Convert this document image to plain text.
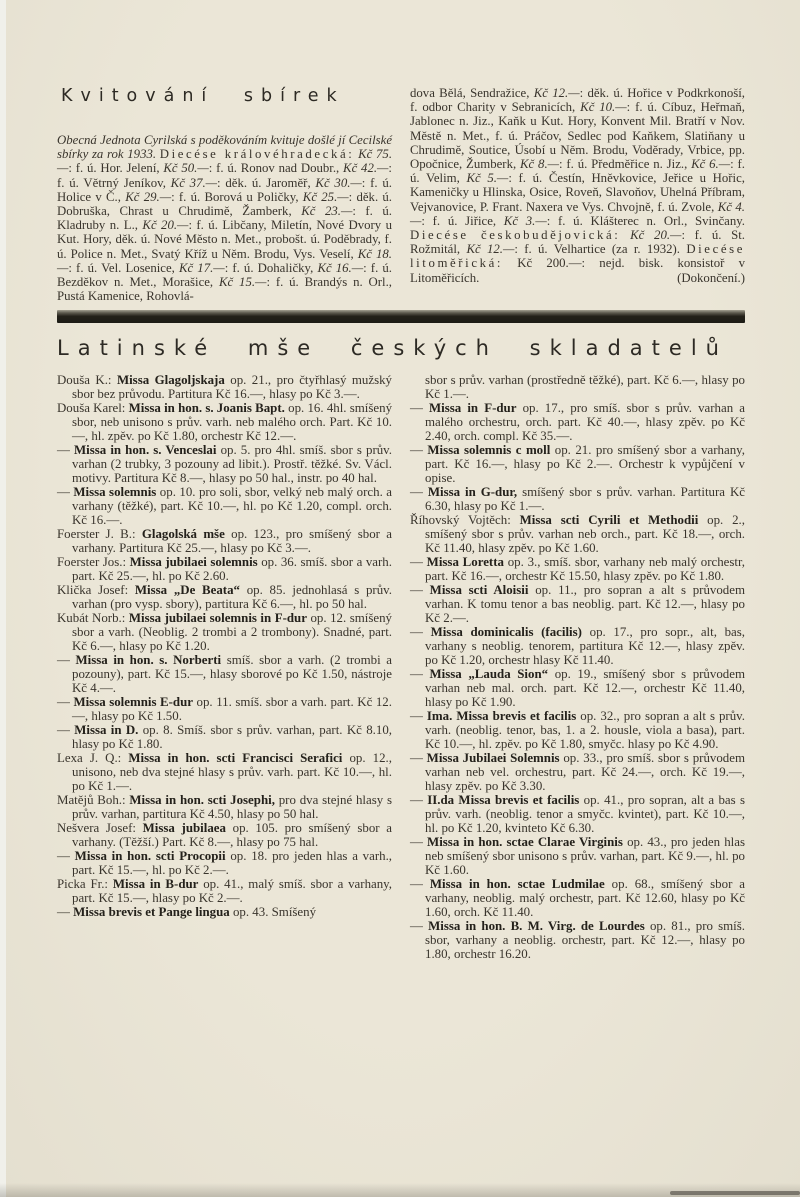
Kvitování sbírek
Obecná Jednota Cyrilská s poděkováním kvituje došlé jí Cecilské sbírky za rok 1933. Diecése královéhradecká: Kč 75.—: f. ú. Hor. Jelení, Kč 50.—: f. ú. Ronov nad Doubr., Kč 42.—: f. ú. Větrný Jeníkov, Kč 37.—: děk. ú. Jaroměř, Kč 30.—: f. ú. Holice v Č., Kč 29.—: f. ú. Borová u Poličky, Kč 25.—: děk. ú. Dobruška, Chrast u Chrudimě, Žamberk, Kč 23.—: f. ú. Kladruby n. L., Kč 20.—: f. ú. Libčany, Miletín, Nové Dvory u Kut. Hory, děk. ú. Nové Město n. Met., probošt. ú. Poděbrady, f. ú. Police n. Met., Svatý Kříž u Něm. Brodu, Vys. Veselí, Kč 18.—: f. ú. Vel. Losenice, Kč 17.—: f. ú. Dohaličky, Kč 16.—: f. ú. Bezděkov n. Met., Morašice, Kč 15.—: f. ú. Brandýs n. Orl., Pustá Kamenice, Rohovlá-
dova Bělá, Sendražice, Kč 12.—: děk. ú. Hořice v Podkrkonoší, f. odbor Charity v Sebranicích, Kč 10.—: f. ú. Cíbuz, Heřmaň, Jablonec n. Jiz., Kaňk u Kut. Hory, Konvent Mil. Bratří v Nov. Městě n. Met., f. ú. Práčov, Sedlec pod Kaňkem, Slatiňany u Chrudimě, Soutice, Úsobí u Něm. Brodu, Voděrady, Vrbice, pp. Opočnice, Žumberk, Kč 8.—: f. ú. Předměřice n. Jiz., Kč 6.—: f. ú. Velim, Kč 5.—: f. ú. Čestín, Hněvkovice, Jeřice u Hořic, Kameničky u Hlinska, Osice, Roveň, Slavoňov, Uhelná Příbram, Vejvanovice, P. Frant. Naxera ve Vys. Chvojně, f. ú. Zvole, Kč 4.—: f. ú. Jiřice, Kč 3.—: f. ú. Klášterec n. Orl., Svinčany. Diecése českobudějovická: Kč 20.—: f. ú. St. Rožmitál, Kč 12.—: f. ú. Velhartice (za r. 1932). Diecése litoměřická: Kč 200.—: nejd. bisk. konsistoř v Litoměřicích.	(Dokončení.)
Latinské mše českých skladatelů

Douša K.: Missa Glagoljskaja op. 21., pro čtyřhlasý mužský sbor bez průvodu. Partitura Kč 16.—, hlasy po Kč 3.—.

Douša Karel: Missa in hon. s. Joanis Bapt. op. 16. 4hl. smíšený sbor, neb unisono s prův. varh. neb malého orch. Part. Kč 10.—, hl. zpěv. po Kč 1.80, orchestr Kč 12.—.

— Missa in hon. s. Venceslai op. 5. pro 4hl. smíš. sbor s prův. varhan (2 trubky, 3 pozouny ad libit.). Prostř. těžké. Sv. Václ. motivy. Partitura Kč 8.—, hlasy po 50 hal., instr. po 40 hal.

— Missa solemnis op. 10. pro soli, sbor, velký neb malý orch. a varhany (těžké), part. Kč 10.—, hl. po Kč 1.20, compl. orch. Kč 16.—.

Foerster J. B.: Glagolská mše op. 123., pro smíšený sbor a varhany. Partitura Kč 25.—, hlasy po Kč 3.—.

Foerster Jos.: Missa jubilaei solemnis op. 36. smíš. sbor a varh. part. Kč 25.—, hl. po Kč 2.60.

Klička Josef: Missa „De Beata“ op. 85. jednohlasá s prův. varhan (pro vysp. sbory), partitura Kč 6.—, hl. po 50 hal.

Kubát Norb.: Missa jubilaei solemnis in F-dur op. 12. smíšený sbor a varh. (Neoblig. 2 trombi a 2 trombony). Snadné, part. Kč 6.—, hlasy po Kč 1.20.

— Missa in hon. s. Norberti smíš. sbor a varh. (2 trombi a pozouny), part. Kč 15.—, hlasy sborové po Kč 1.50, nástroje Kč 4.—.

— Missa solemnis E-dur op. 11. smíš. sbor a varh. part. Kč 12.—, hlasy po Kč 1.50.

— Missa in D. op. 8. Smíš. sbor s prův. varhan, part. Kč 8.10, hlasy po Kč 1.80.

Lexa J. Q.: Missa in hon. scti Francisci Serafici op. 12., unisono, neb dva stejné hlasy s prův. varh. part. Kč 10.—, hl. po Kč 1.—.

Matějů Boh.: Missa in hon. scti Josephi, pro dva stejné hlasy s prův. varhan, partitura Kč 4.50, hlasy po 50 hal.

Nešvera Josef: Missa jubilaea op. 105. pro smíšený sbor a varhany. (Těžší.) Part. Kč 8.—, hlasy po 75 hal.

— Missa in hon. scti Procopii op. 18. pro jeden hlas a varh., part. Kč 15.—, hl. po Kč 2.—.

Picka Fr.: Missa in B-dur op. 41., malý smíš. sbor a varhany, part. Kč 15.—, hlasy po Kč 2.—.

— Missa brevis et Pange lingua op. 43. Smíšený

sbor s prův. varhan (prostředně těžké), part. Kč 6.—, hlasy po Kč 1.—.

— Missa in F-dur op. 17., pro smíš. sbor s prův. varhan a malého orchestru, orch. part. Kč 40.—, hlasy zpěv. po Kč 2.40, orch. compl. Kč 35.—.

— Missa solemnis c moll op. 21. pro smíšený sbor a varhany, part. Kč 16.—, hlasy po Kč 2.—. Orchestr k vypůjčení v opise.

— Missa in G-dur, smíšený sbor s prův. varhan. Partitura Kč 6.30, hlasy po Kč 1.—.

Říhovský Vojtěch: Missa scti Cyrili et Methodii op. 2., smíšený sbor s prův. varhan neb orch., part. Kč 18.—, orch. Kč 11.40, hlasy zpěv. po Kč 1.60.

— Missa Loretta op. 3., smíš. sbor, varhany neb malý orchestr, part. Kč 16.—, orchestr Kč 15.50, hlasy zpěv. po Kč 1.80.

— Missa scti Aloisii op. 11., pro sopran a alt s průvodem varhan. K tomu tenor a bas neoblig. part. Kč 12.—, hlasy po Kč 2.—.

— Missa dominicalis (facilis) op. 17., pro sopr., alt, bas, varhany s neoblig. tenorem, partitura Kč 12.—, hlasy zpěv. po Kč 1.20, orchestr hlasy Kč 11.40.

— Missa „Lauda Sion“ op. 19., smíšený sbor s průvodem varhan neb mal. orch. part. Kč 12.—, orchestr Kč 11.40, hlasy po Kč 1.90.

— Ima. Missa brevis et facilis op. 32., pro sopran a alt s prův. varh. (neoblig. tenor, bas, 1. a 2. housle, viola a basa), part. Kč 10.—, hl. zpěv. po Kč 1.80, smyčc. hlasy po Kč 4.90.

— Missa Jubilaei Solemnis op. 33., pro smíš. sbor s průvodem varhan neb vel. orchestru, part. Kč 24.—, orch. Kč 19.—, hlasy zpěv. po Kč 3.30.

— II.da Missa brevis et facilis op. 41., pro sopran, alt a bas s prův. varh. (neoblig. tenor a smyčc. kvintet), part. Kč 10.—, hl. po Kč 1.20, kvinteto Kč 6.30.

— Missa in hon. sctae Clarae Virginis op. 43., pro jeden hlas neb smíšený sbor unisono s prův. varhan, part. Kč 9.—, hl. po Kč 1.60.

— Missa in hon. sctae Ludmilae op. 68., smíšený sbor a varhany, neoblig. malý orchestr, part. Kč 12.60, hlasy po Kč 1.60, orch. Kč 11.40.

— Missa in hon. B. M. Virg. de Lourdes op. 81., pro smíš. sbor, varhany a neoblig. orchestr, part. Kč 12.—, hlasy po 1.80, orchestr 16.20.
